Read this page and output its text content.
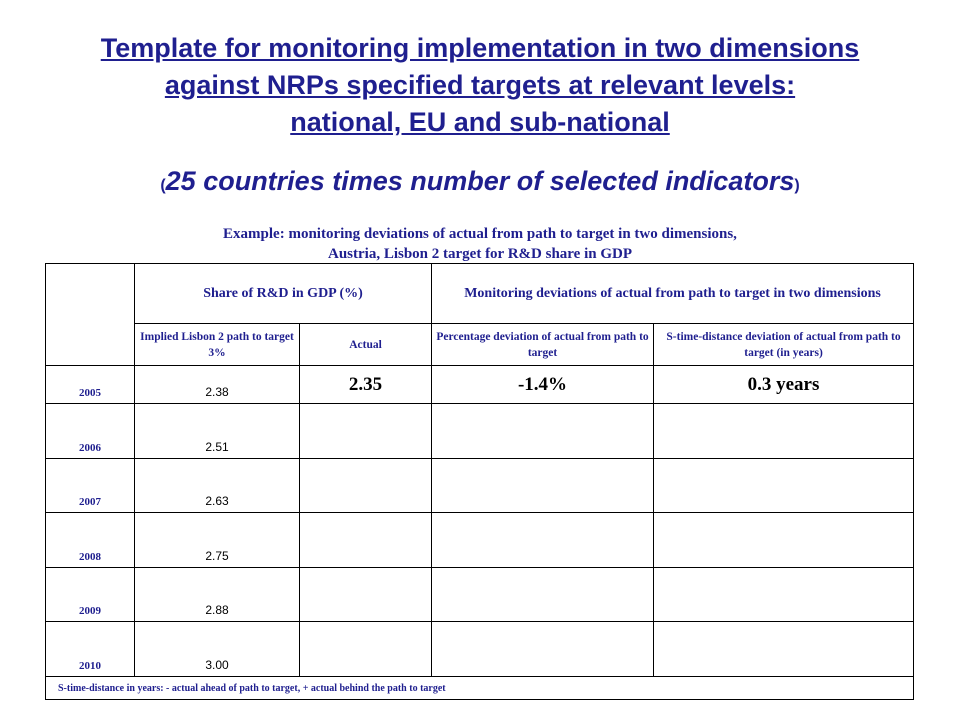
Template for monitoring implementation in two dimensions
against NRPs specified targets at relevant levels:
national, EU and sub-national
(25 countries times number of selected indicators)
Example: monitoring deviations of actual from path to target in two dimensions,
Austria, Lisbon 2 target for R&D share in GDP
	Share of R&D in GDP (%)		Monitoring deviations of actual from path to target in two dimensions	
	Implied Lisbon 2 path to target 3%	Actual	Percentage deviation of actual from path to target	S-time-distance deviation of actual from path to target (in years)
2005	2.38	2.35	-1.4%	0.3 years
2006	2.51			
2007	2.63			
2008	2.75			
2009	2.88			
2010	3.00			
S-time-distance in years: - actual ahead of path to target, + actual behind the path to target				
